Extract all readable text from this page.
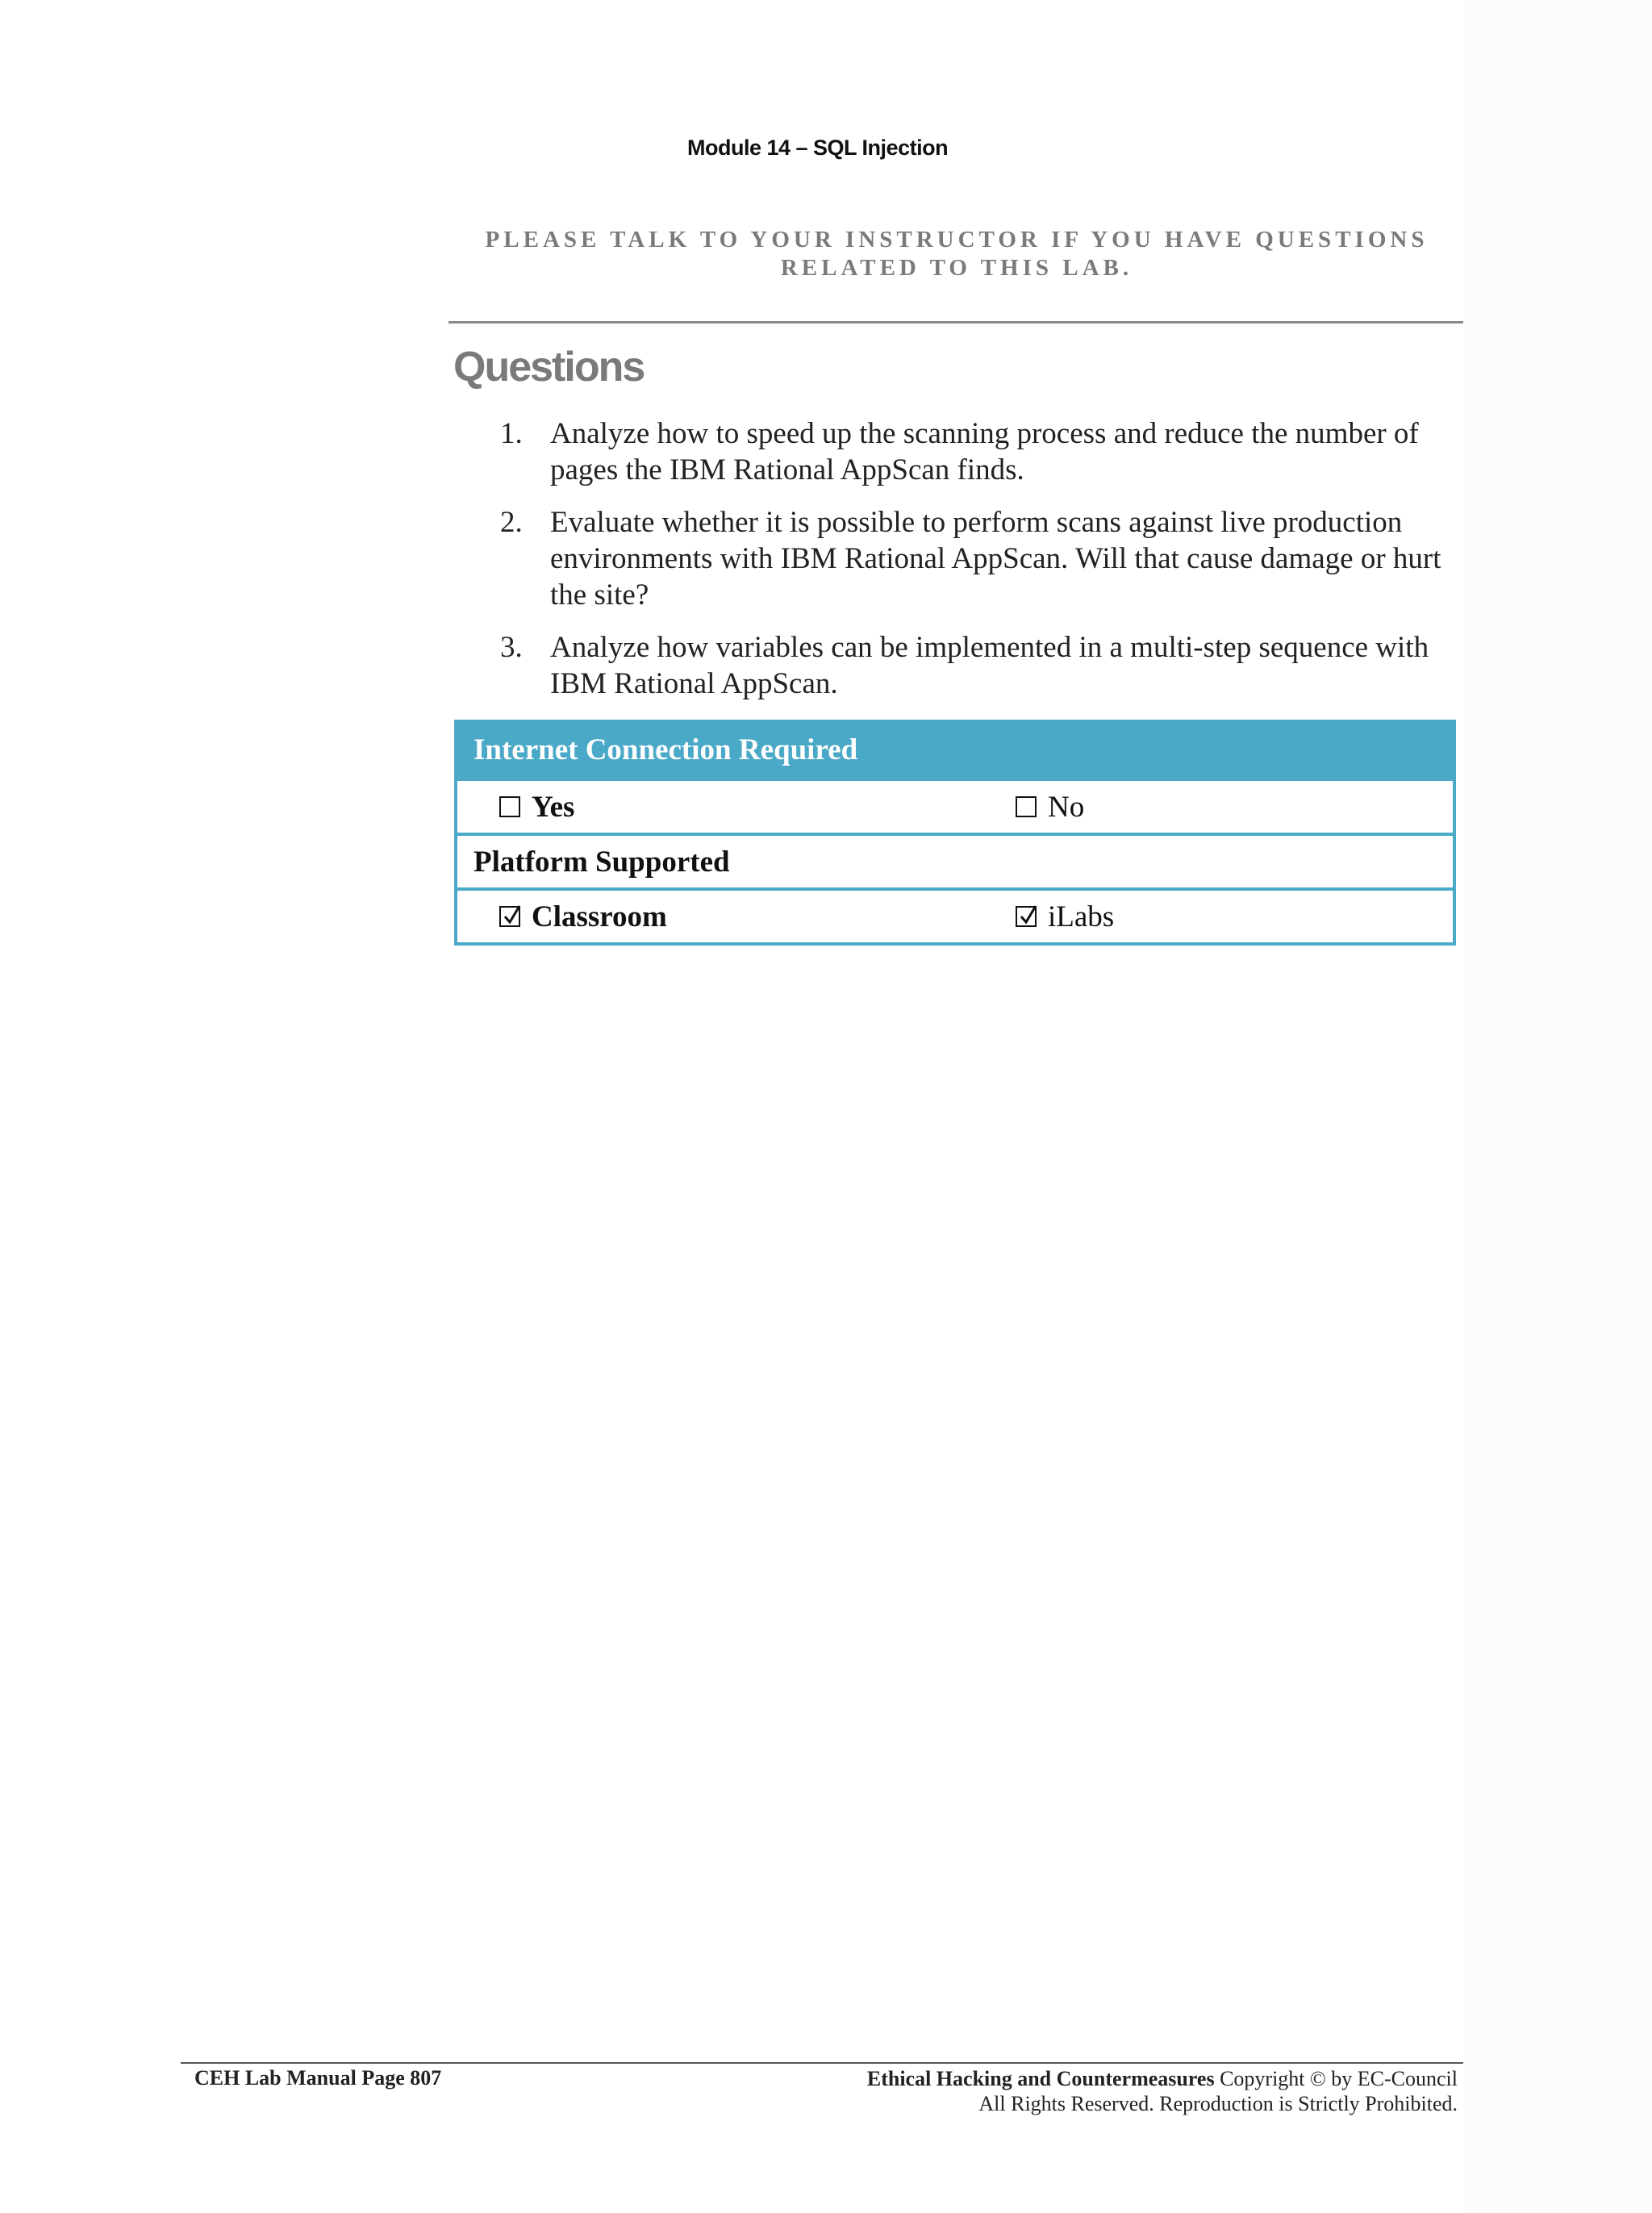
Module 14 – SQL Injection
PLEASE TALK TO YOUR INSTRUCTOR IF YOU HAVE QUESTIONS
RELATED TO THIS LAB.
Questions
1. Analyze how to speed up the scanning process and reduce the number of pages the IBM Rational AppScan finds.
2. Evaluate whether it is possible to perform scans against live production environments with IBM Rational AppScan. Will that cause damage or hurt the site?
3. Analyze how variables can be implemented in a multi-step sequence with IBM Rational AppScan.
Internet Connection Required
Yes	No
Platform Supported
Classroom	iLabs
CEH Lab Manual Page 807	Ethical Hacking and Countermeasures Copyright © by EC-Council
All Rights Reserved. Reproduction is Strictly Prohibited.
